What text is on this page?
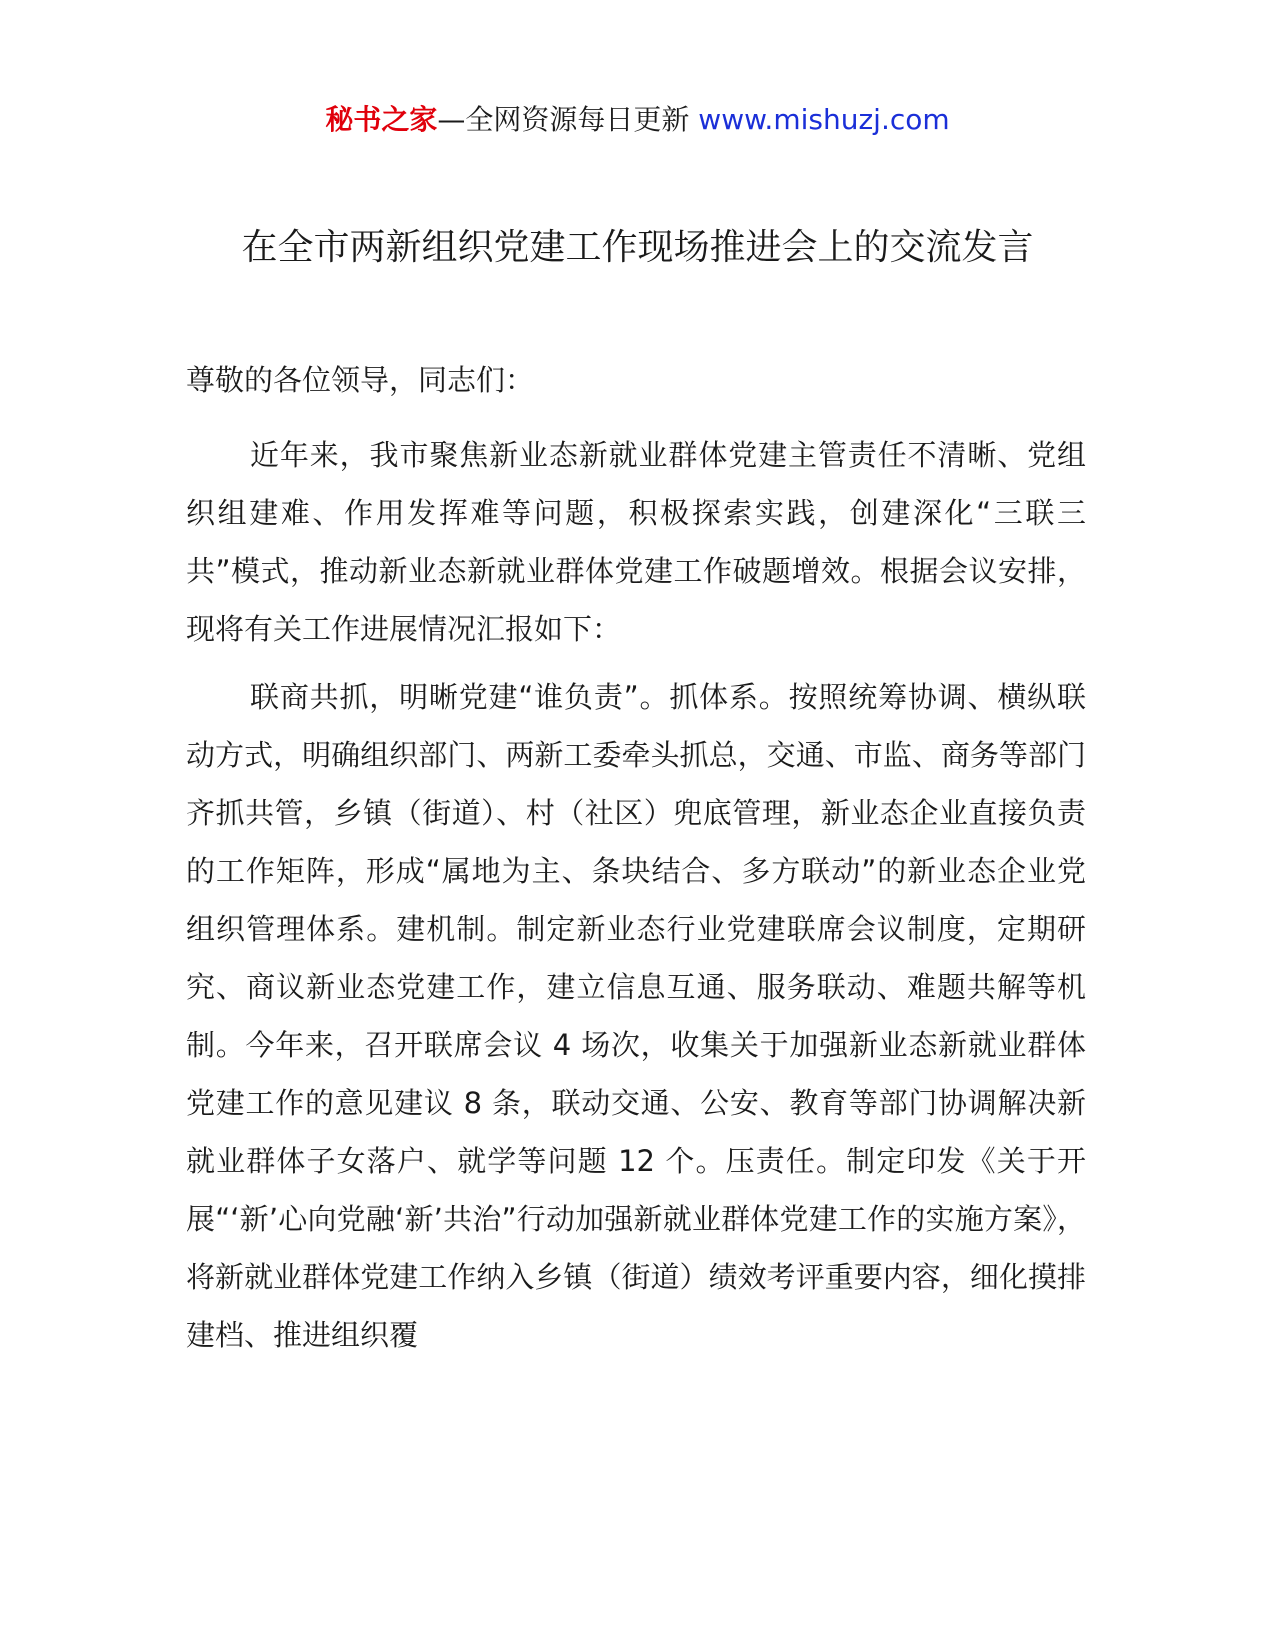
秘书之家—全网资源每日更新 www.mishuzj.com
在全市两新组织党建工作现场推进会上的交流发言

尊敬的各位领导，同志们：

近年来，我市聚焦新业态新就业群体党建主管责任不清晰、党组织组建难、作用发挥难等问题，积极探索实践，创建深化“三联三共”模式，推动新业态新就业群体党建工作破题增效。根据会议安排，现将有关工作进展情况汇报如下：

联商共抓，明晰党建“谁负责”。抓体系。按照统筹协调、横纵联动方式，明确组织部门、两新工委牵头抓总，交通、市监、商务等部门齐抓共管，乡镇（街道）、村（社区）兜底管理，新业态企业直接负责的工作矩阵，形成“属地为主、条块结合、多方联动”的新业态企业党组织管理体系。建机制。制定新业态行业党建联席会议制度，定期研究、商议新业态党建工作，建立信息互通、服务联动、难题共解等机制。今年来，召开联席会议 4 场次，收集关于加强新业态新就业群体党建工作的意见建议 8 条，联动交通、公安、教育等部门协调解决新就业群体子女落户、就学等问题 12 个。压责任。制定印发《关于开展“‘新’心向党融‘新’共治”行动加强新就业群体党建工作的实施方案》，将新就业群体党建工作纳入乡镇（街道）绩效考评重要内容，细化摸排建档、推进组织覆
